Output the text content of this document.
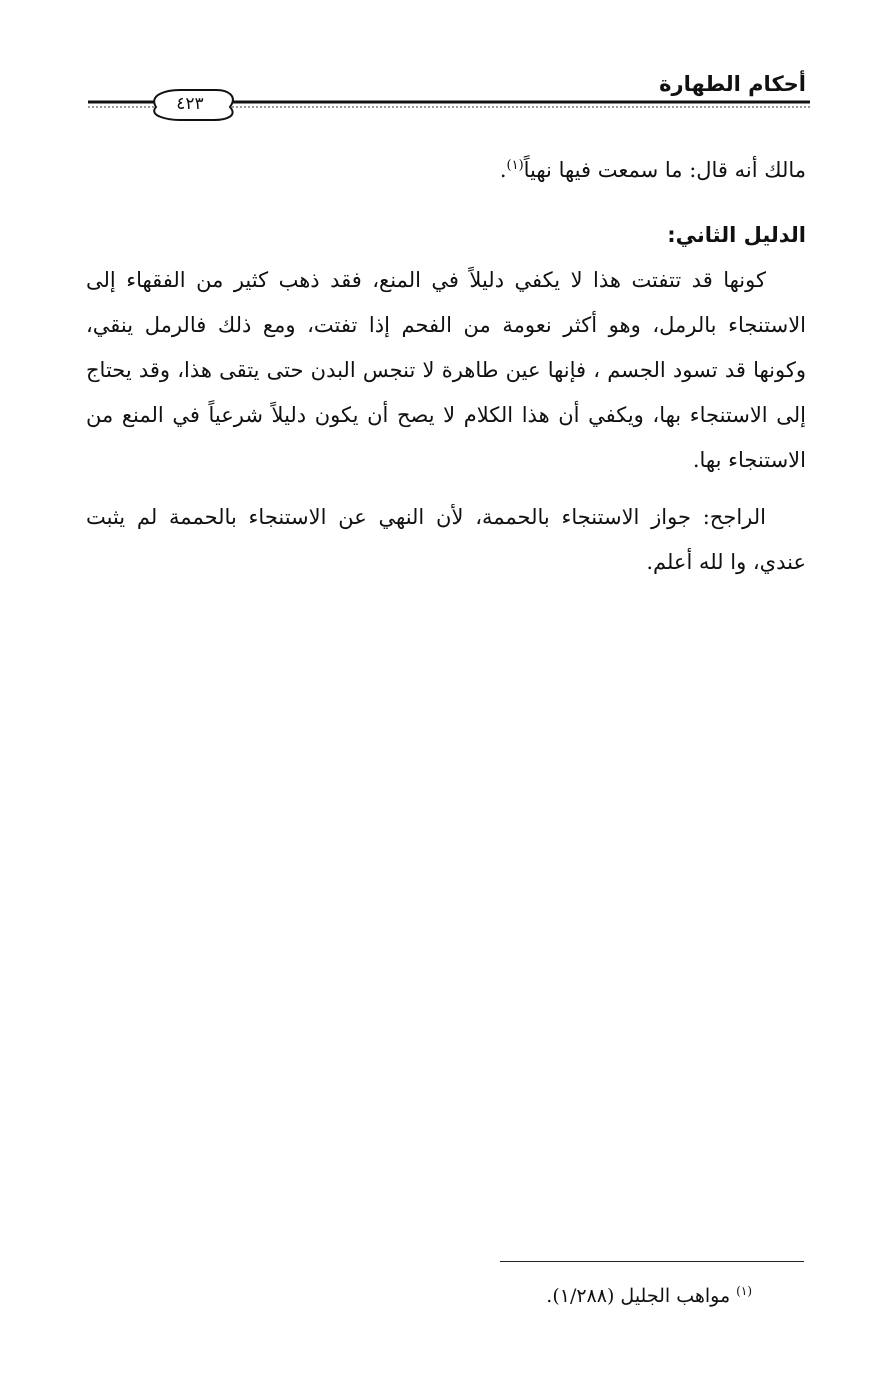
أحكام الطهارة
٤٢٣

مالك أنه قال: ما سمعت فيها نهياً$^{(١)}$.

الدليل الثاني:

كونها قد تتفتت هذا لا يكفي دليلاً في المنع، فقد ذهب كثير من الفقهاء إلى الاستنجاء بالرمل، وهو أكثر نعومة من الفحم إذا تفتت، ومع ذلك فالرمل ينقي، وكونها قد تسود الجسم ، فإنها عين طاهرة لا تنجس البدن حتى يتقى هذا، وقد يحتاج إلى الاستنجاء بها، ويكفي أن هذا الكلام لا يصح أن يكون دليلاً شرعياً في المنع من الاستنجاء بها.

الراجح: جواز الاستنجاء بالحممة، لأن النهي عن الاستنجاء بالحممة لم يثبت عندي، وا لله أعلم.

$^{(١)}$مواهب الجليل (١/٢٨٨).
